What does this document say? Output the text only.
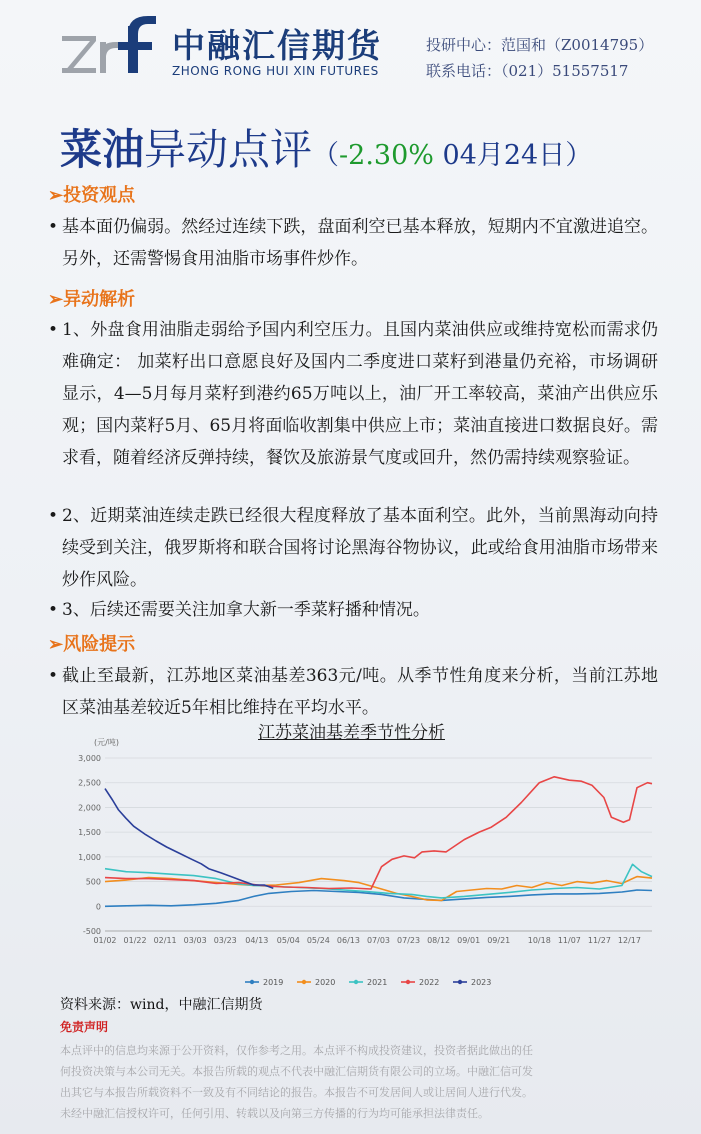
中融汇信期货
ZHONG RONG HUI XIN FUTURES
投研中心：范国和（Z0014795）
联系电话：（021）51557517
菜油异动点评（-2.30% 04月24日）
➢投资观点
• 基本面仍偏弱。然经过连续下跌，盘面利空已基本释放，短期内不宜激进追空。另外，还需警惕食用油脂市场事件炒作。
➢异动解析
• 1、外盘食用油脂走弱给予国内利空压力。且国内菜油供应或维持宽松而需求仍难确定： 加菜籽出口意愿良好及国内二季度进口菜籽到港量仍充裕，市场调研显示，4—5月每月菜籽到港约65万吨以上，油厂开工率较高，菜油产出供应乐观；国内菜籽5月、65月将面临收割集中供应上市；菜油直接进口数据良好。需求看，随着经济反弹持续，餐饮及旅游景气度或回升，然仍需持续观察验证。
• 2、近期菜油连续走跌已经很大程度释放了基本面利空。此外，当前黑海动向持续受到关注，俄罗斯将和联合国将讨论黑海谷物协议，此或给食用油脂市场带来炒作风险。
• 3、后续还需要关注加拿大新一季菜籽播种情况。
➢风险提示
• 截止至最新，江苏地区菜油基差363元/吨。从季节性角度来分析，当前江苏地区菜油基差较近5年相比维持在平均水平。
江苏菜油基差季节性分析
-500
0
500
1,000
1,500
2,000
2,500
3,000
01/02 01/22 02/11 03/03 03/23 04/13 05/04 05/24 06/13 07/03 07/23 08/12 09/01 09/21 10/18 11/07 11/27 12/17
2019	2020	2021	2022	2023
(元/吨)
资料来源：wind，中融汇信期货
免责声明
本点评中的信息均来源于公开资料，仅作参考之用。本点评不构成投资建议，投资者据此做出的任
何投资决策与本公司无关。本报告所载的观点不代表中融汇信期货有限公司的立场。中融汇信可发
出其它与本报告所载资料不一致及有不同结论的报告。本报告不可发居间人或让居间人进行代发。
未经中融汇信授权许可，任何引用、转载以及向第三方传播的行为均可能承担法律责任。
